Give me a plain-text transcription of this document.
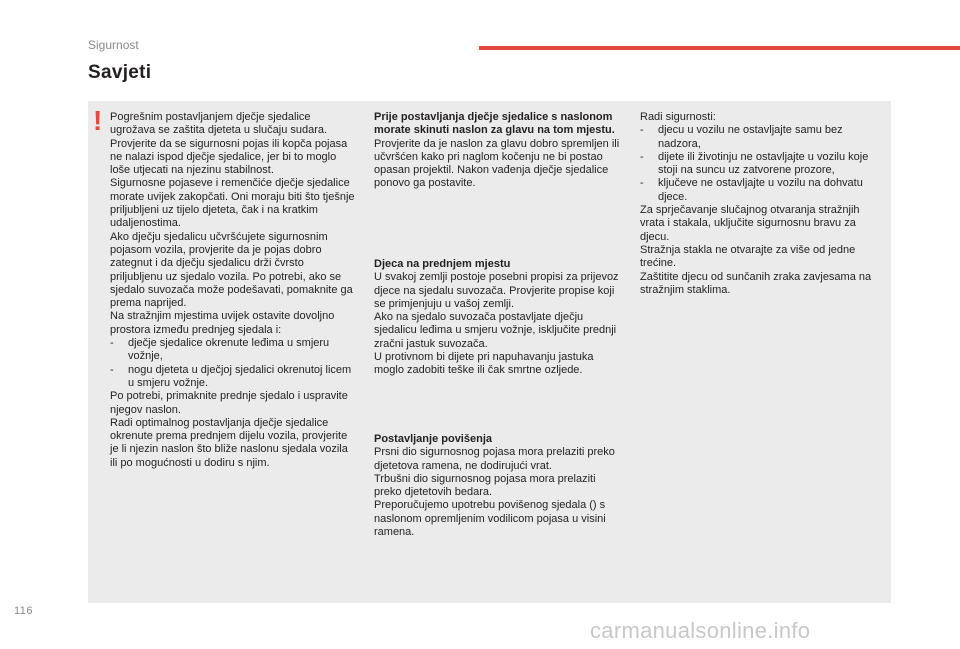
Sigurnost
Savjeti
! Pogrešnim postavljanjem dječje sjedalice ugrožava se zaštita djeteta u slučaju sudara.

Provjerite da se sigurnosni pojas ili kopča pojasa ne nalazi ispod dječje sjedalice, jer bi to moglo loše utjecati na njezinu stabilnost.

Sigurnosne pojaseve i remenčiće dječje sjedalice morate uvijek zakopčati. Oni moraju biti što tješnje priljubljeni uz tijelo djeteta, čak i na kratkim udaljenostima.

Ako dječju sjedalicu učvršćujete sigurnosnim pojasom vozila, provjerite da je pojas dobro zategnut i da dječju sjedalicu drži čvrsto priljubljenu uz sjedalo vozila. Po potrebi, ako se sjedalo suvozača može podešavati, pomaknite ga prema naprijed.

Na stražnjim mjestima uvijek ostavite dovoljno prostora između prednjeg sjedala i:

- dječje sjedalice okrenute leđima u smjeru vožnje,

- nogu djeteta u dječjoj sjedalici okrenutoj licem u smjeru vožnje.

Po potrebi, primaknite prednje sjedalo i uspravite njegov naslon.

Radi optimalnog postavljanja dječje sjedalice okrenute prema prednjem dijelu vozila, provjerite je li njezin naslon što bliže naslonu sjedala vozila ili po mogućnosti u dodiru s njim.

Prije postavljanja dječje sjedalice s naslonom morate skinuti naslon za glavu na tom mjestu.

Provjerite da je naslon za glavu dobro spremljen ili učvršćen kako pri naglom kočenju ne bi postao opasan projektil. Nakon vađenja dječje sjedalice ponovo ga postavite.

Djeca na prednjem mjestu

U svakoj zemlji postoje posebni propisi za prijevoz djece na sjedalu suvozača. Provjerite propise koji se primjenjuju u vašoj zemlji.

Ako na sjedalo suvozača postavljate dječju sjedalicu leđima u smjeru vožnje, isključite prednji zračni jastuk suvozača.

U protivnom bi dijete pri napuhavanju jastuka moglo zadobiti teške ili čak smrtne ozljede.

Postavljanje povišenja

Prsni dio sigurnosnog pojasa mora prelaziti preko djetetova ramena, ne dodirujući vrat.

Trbušni dio sigurnosnog pojasa mora prelaziti preko djetetovih bedara.

Preporučujemo upotrebu povišenog sjedala () s naslonom opremljenim vodilicom pojasa u visini ramena.

Radi sigurnosti:

- djecu u vozilu ne ostavljajte samu bez nadzora,

- dijete ili životinju ne ostavljajte u vozilu koje stoji na suncu uz zatvorene prozore,

- ključeve ne ostavljajte u vozilu na dohvatu djece.

Za sprječavanje slučajnog otvaranja stražnjih vrata i stakala, uključite sigurnosnu bravu za djecu.

Stražnja stakla ne otvarajte za više od jedne trećine.

Zaštitite djecu od sunčanih zraka zavjesama na stražnjim staklima.

116
carmanualsonline.info
